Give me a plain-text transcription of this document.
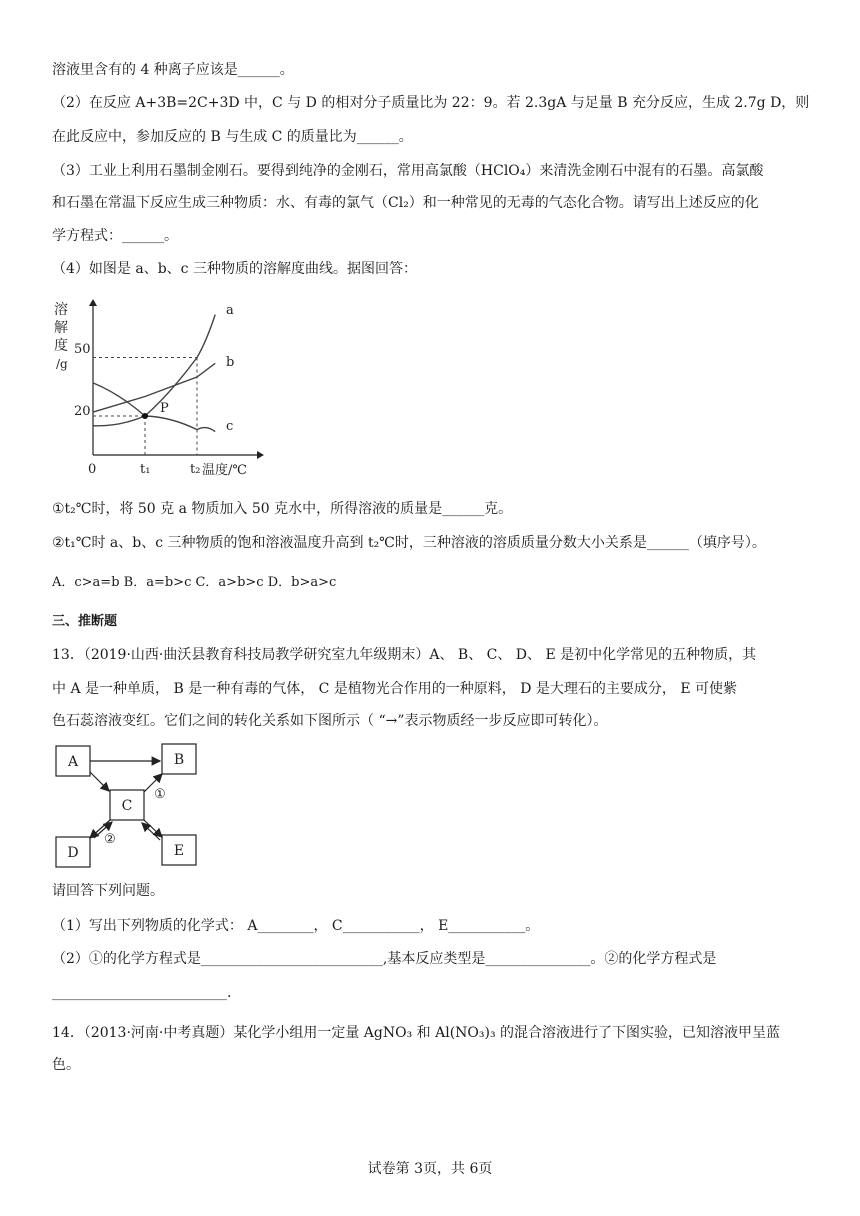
溶液里含有的 4 种离子应该是______。
（2）在反应 A+3B=2C+3D 中，C 与 D 的相对分子质量比为 22：9。若 2.3gA 与足量 B 充分反应，生成 2.7g D，则
在此反应中，参加反应的 B 与生成 C 的质量比为______。
（3）工业上利用石墨制金刚石。要得到纯净的金刚石，常用高氯酸（HClO₄）来清洗金刚石中混有的石墨。高氯酸
和石墨在常温下反应生成三种物质：水、有毒的氯气（Cl₂）和一种常见的无毒的气态化合物。请写出上述反应的化
学方程式：______。
（4）如图是 a、b、c 三种物质的溶解度曲线。据图回答：
溶
解
度
/g
50
20
0	t₁	t₂ 温度/℃
a
b
c
P
①t₂℃时，将 50 克 a 物质加入 50 克水中，所得溶液的质量是______克。
②t₁℃时 a、b、c 三种物质的饱和溶液温度升高到 t₂℃时，三种溶液的溶质质量分数大小关系是______（填序号）。
A．c>a=b B．a=b>c C．a>b>c D．b>a>c
三、推断题
13．（2019·山西·曲沃县教育科技局教学研究室九年级期末）A、 B、 C、 D、 E 是初中化学常见的五种物质，其
中 A 是一种单质， B 是一种有毒的气体， C 是植物光合作用的一种原料， D 是大理石的主要成分， E 可使紫
色石蕊溶液变红。它们之间的转化关系如下图所示（ “→”表示物质经一步反应即可转化）。
A	B
C
D	E
①
②
请回答下列问题。
（1）写出下列物质的化学式： A________， C___________， E___________。
（2）①的化学方程式是__________________________,基本反应类型是_______________。②的化学方程式是
_________________________.
14．（2013·河南·中考真题）某化学小组用一定量 AgNO₃ 和 Al(NO₃)₃ 的混合溶液进行了下图实验，已知溶液甲呈蓝
色。
试卷第 3页，共 6页
